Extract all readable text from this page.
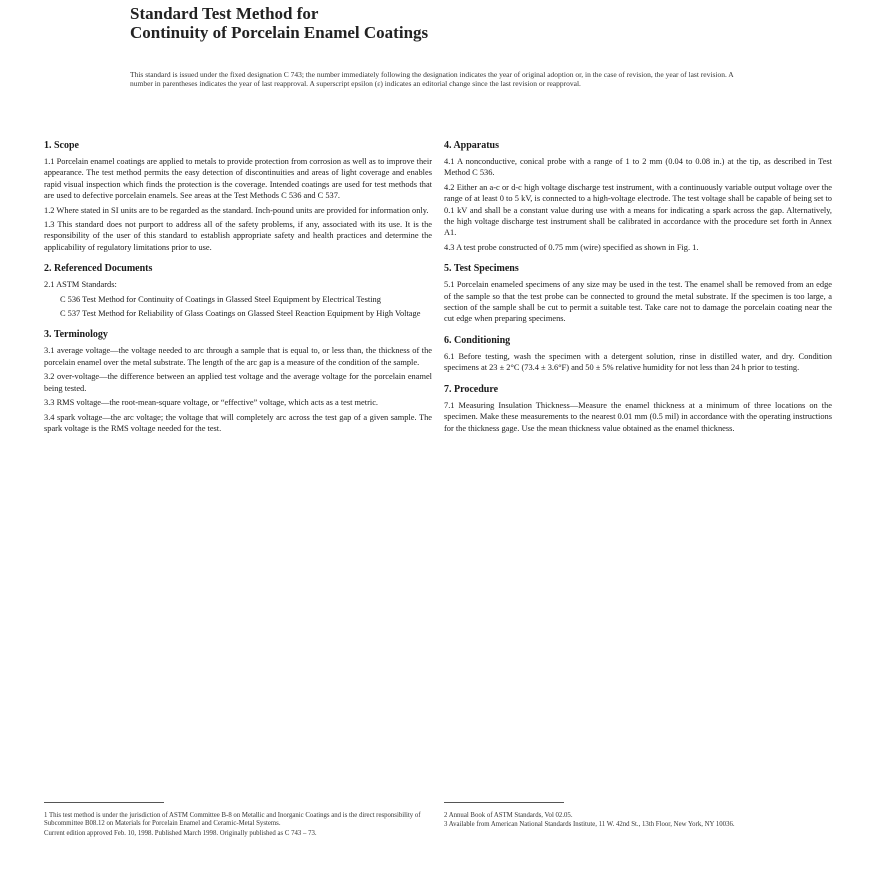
Standard Test Method for
Continuity of Porcelain Enamel Coatings
This standard is issued under the fixed designation C 743; the number immediately following the designation indicates the year of original adoption or, in the case of revision, the year of last revision. A number in parentheses indicates the year of last reapproval. A superscript epsilon (ε) indicates an editorial change since the last revision or reapproval.
1. Scope

1.1 Porcelain enamel coatings are applied to metals to provide protection from corrosion as well as to improve their appearance. The test method permits the easy detection of discontinuities and areas of light coverage and enables rapid visual inspection which finds the protection is the coverage. Intended coatings are used for test methods that are used to defective porcelain enamels. See areas at the Test Methods C 536 and C 537.

1.2 Where stated in SI units are to be regarded as the standard. Inch-pound units are provided for information only.

1.3 This standard does not purport to address all of the safety problems, if any, associated with its use. It is the responsibility of the user of this standard to establish appropriate safety and health practices and determine the applicability of regulatory limitations prior to use.

2. Referenced Documents

2.1 ASTM Standards:

C 536 Test Method for Continuity of Coatings in Glassed Steel Equipment by Electrical Testing

C 537 Test Method for Reliability of Glass Coatings on Glassed Steel Reaction Equipment by High Voltage

3. Terminology

3.1 average voltage—the voltage needed to arc through a sample that is equal to, or less than, the thickness of the porcelain enamel over the metal substrate. The length of the arc gap is a measure of the condition of the sample.

3.2 over-voltage—the difference between an applied test voltage and the average voltage for the porcelain enamel being tested.

3.3 RMS voltage—the root-mean-square voltage, or “effective” voltage, which acts as a test metric.

3.4 spark voltage—the arc voltage; the voltage that will completely arc across the test gap of a given sample. The spark voltage is the RMS voltage needed for the test.

4. Apparatus

4.1 A nonconductive, conical probe with a range of 1 to 2 mm (0.04 to 0.08 in.) at the tip, as described in Test Method C 536.

4.2 Either an a-c or d-c high voltage discharge test instrument, with a continuously variable output voltage over the range of at least 0 to 5 kV, is connected to a high-voltage electrode. The test voltage shall be capable of being set to 0.1 kV and shall be a constant value during use with a means for indicating a spark across the gap. Alternatively, the high voltage discharge test instrument shall be calibrated in accordance with the procedure set forth in Annex A1.

4.3 A test probe constructed of 0.75 mm (wire) specified as shown in Fig. 1.

5. Test Specimens

5.1 Porcelain enameled specimens of any size may be used in the test. The enamel shall be removed from an edge of the sample so that the test probe can be connected to ground the metal substrate. If the specimen is too large, a section of the sample shall be cut to permit a suitable test. Take care not to damage the porcelain coating near the cut edge when preparing specimens.

6. Conditioning

6.1 Before testing, wash the specimen with a detergent solution, rinse in distilled water, and dry. Condition specimens at 23 ± 2°C (73.4 ± 3.6°F) and 50 ± 5% relative humidity for not less than 24 h prior to testing.

7. Procedure

7.1 Measuring Insulation Thickness—Measure the enamel thickness at a minimum of three locations on the specimen. Make these measurements to the nearest 0.01 mm (0.5 mil) in accordance with the operating instructions for the thickness gage. Use the mean thickness value obtained as the enamel thickness.

1 This test method is under the jurisdiction of ASTM Committee B-8 on Metallic and Inorganic Coatings and is the direct responsibility of Subcommittee B08.12 on Materials for Porcelain Enamel and Ceramic-Metal Systems.

Current edition approved Feb. 10, 1998. Published March 1998. Originally published as C 743 – 73.

2 Annual Book of ASTM Standards, Vol 02.05.

3 Available from American National Standards Institute, 11 W. 42nd St., 13th Floor, New York, NY 10036.
